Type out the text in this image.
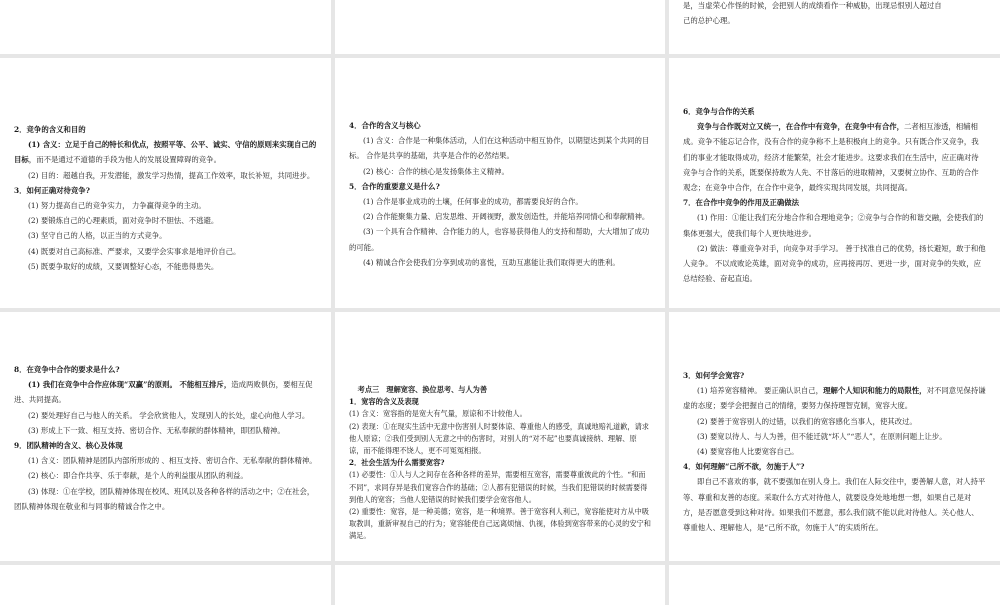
是，当虚荣心作怪的时候，会把别人的成绩看作一种威胁，出现忌恨别人超过自

己的总护心理。

2．竞争的含义和目的

(1) 含义：立足于自己的特长和优点，按照平等、公平、诚实、守信的原则来实现自己的目标，而不是通过不道德的手段为他人的发展设置障碍的竞争。

(2) 目的：超越自我，开发潜能，激发学习热情，提高工作效率，取长补短，共同进步。

3．如何正确对待竞争?

(1) 努力提高自己的竞争实力， 力争赢得竞争的主动。

(2) 要锻炼自己的心理素质，面对竞争时不胆怯、不逃避。

(3) 坚守自己的人格，以正当的方式竞争。

(4) 既要对自己高标准、严要求，又要学会实事求是地评价自己。

(5) 既要争取好的成绩，又要调整好心态，不能患得患失。

4．合作的含义与核心

(1) 含义：合作是一种集体活动，人们在这种活动中相互协作，以期望达到某个共同的目标。 合作是共享的基础，共享是合作的必然结果。

(2) 核心：合作的核心是发扬集体主义精神。

5．合作的重要意义是什么?

(1) 合作是事业成功的土壤，任何事业的成功，都需要良好的合作。

(2) 合作能聚集力量、启发思维、开阔视野，激发创造性，并能培养同情心和奉献精神。

(3) 一个具有合作精神、合作能力的人，也容易获得他人的支持和帮助，大大增加了成功的可能。

(4) 精诚合作会使我们分享到成功的喜悦，互助互惠能让我们取得更大的胜利。

6．竞争与合作的关系

竞争与合作既对立又统一，在合作中有竞争，在竞争中有合作，二者相互渗透，相辅相成。竞争不能忘记合作，没有合作的竞争称不上是积极向上的竞争。只有既合作又竞争，我们的事业才能取得成功，经济才能繁荣，社会才能进步。这要求我们在生活中，应正确对待竞争与合作的关系，既要保持敢为人先、不甘落后的进取精神，又要树立协作、互助的合作观念；在竞争中合作，在合作中竞争，最终实现共同发展，共同提高。

7．在合作中竞争的作用及正确做法

(1) 作用：①能让我们充分地合作和合理地竞争；②竞争与合作的和谐交融，会使我们的集体更强大，使我们每个人更快地进步。

(2) 做法：尊重竞争对手，向竞争对手学习。 善于找准自己的优势，扬长避短，敢于和他人竞争。 不以成败论英雄，面对竞争的成功，应再接再厉、更进一步，面对竞争的失败，应总结经验、奋起直追。

8．在竞争中合作的要求是什么?

(1) 我们在竞争中合作应体现“双赢”的原则。 不能相互排斥，造成两败俱伤，要相互促进、共同提高。

(2) 要处理好自己与他人的关系。 学会欣赏他人，发现别人的长处，虚心向他人学习。

(3) 形成上下一致、相互支持、密切合作、无私奉献的群体精神，即团队精神。

9．团队精神的含义、核心及体现

(1) 含义：团队精神是团队内部所形成的 、相互支持、密切合作、无私奉献的群体精神。

(2) 核心：即合作共享、乐于奉献，是个人的利益服从团队的利益。

(3) 体现：①在学校，团队精神体现在校风、班风以及各种各样的活动之中；②在社会，团队精神体现在敬业和与同事的精诚合作之中。

考点三　理解宽容、换位思考、与人为善

1．宽容的含义及表现

(1) 含义：宽容指的是宽大有气量，原谅和不计较他人。

(2) 表现：①在现实生活中无意中伤害别人时要体谅、尊重他人的感受，真诚地赔礼道歉，请求他人原谅；②我们受到别人无意之中的伤害时，对别人的“对不起”也要真诚接纳、理解、原谅，而不能得理不饶人，更不可冤冤相报。

2．社会生活为什么需要宽容?

(1) 必要性：①人与人之间存在各种各样的差异，需要相互宽容，需要尊重彼此的个性。“和而不同”，求同存异是我们宽容合作的基础；②人都有犯错误的时候，当我们犯错误的时候需要得到他人的宽容；当他人犯错误的时候我们要学会宽容他人。

(2) 重要性：宽容，是一种美德；宽容，是一种境界。善于宽容利人利己，宽容能使对方从中吸取教训，重新审视自己的行为；宽容能使自己远离烦恼、仇视，体验到宽容带来的心灵的安宁和满足。

3．如何学会宽容?

(1) 培养宽容精神。 要正确认识自己，理解个人知识和能力的局限性，对不同意见保持谦虚的态度；要学会把握自己的情绪，要努力保持理智克制，宽容大度。

(2) 要善于宽容别人的过错，以我们的宽容感化当事人，使其改过。

(3) 要宽以待人、与人为善，但不能迁就“坏人”“恶人”，在原则问题上让步。

(4) 要宽容他人比要宽容自己。

4．如何理解“己所不欲，勿施于人”?

即自己不喜欢的事，就不要强加在别人身上。我们在人际交往中，要善解人意，对人持平等、尊重和友善的态度。采取什么方式对待他人，就要设身处地地想一想，如果自己是对方，是否愿意受到这种对待。如果我们不愿意，那么我们就不能以此对待他人。关心他人、尊重他人、理解他人，是“己所不欲，勿施于人”的实质所在。
